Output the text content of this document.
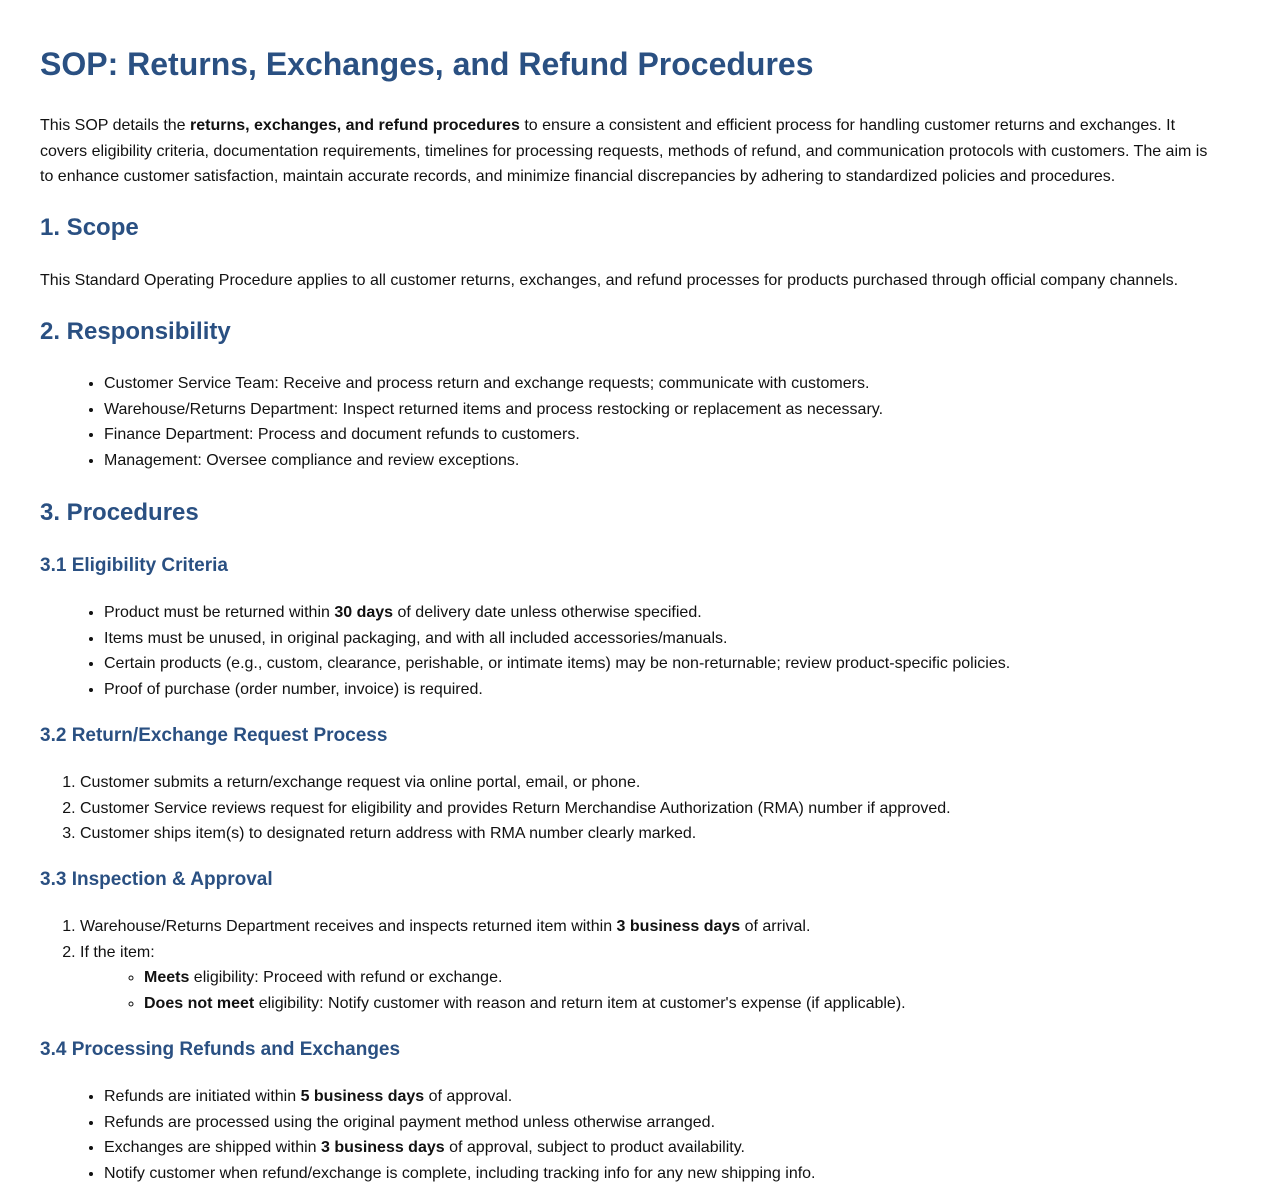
SOP: Returns, Exchanges, and Refund Procedures

This SOP details the returns, exchanges, and refund procedures to ensure a consistent and efficient process for handling customer returns and exchanges. It covers eligibility criteria, documentation requirements, timelines for processing requests, methods of refund, and communication protocols with customers. The aim is to enhance customer satisfaction, maintain accurate records, and minimize financial discrepancies by adhering to standardized policies and procedures.

1. Scope

This Standard Operating Procedure applies to all customer returns, exchanges, and refund processes for products purchased through official company channels.

2. Responsibility
• Customer Service Team: Receive and process return and exchange requests; communicate with customers.
• Warehouse/Returns Department: Inspect returned items and process restocking or replacement as necessary.
• Finance Department: Process and document refunds to customers.
• Management: Oversee compliance and review exceptions.
3. Procedures
3.1 Eligibility Criteria
• Product must be returned within 30 days of delivery date unless otherwise specified.
• Items must be unused, in original packaging, and with all included accessories/manuals.
• Certain products (e.g., custom, clearance, perishable, or intimate items) may be non-returnable; review product-specific policies.
• Proof of purchase (order number, invoice) is required.
3.2 Return/Exchange Request Process
1. Customer submits a return/exchange request via online portal, email, or phone.
2. Customer Service reviews request for eligibility and provides Return Merchandise Authorization (RMA) number if approved.
3. Customer ships item(s) to designated return address with RMA number clearly marked.
3.3 Inspection & Approval
1. Warehouse/Returns Department receives and inspects returned item within 3 business days of arrival.
2. If the item:
◦ Meets eligibility: Proceed with refund or exchange.
◦ Does not meet eligibility: Notify customer with reason and return item at customer's expense (if applicable).
3.4 Processing Refunds and Exchanges
• Refunds are initiated within 5 business days of approval.
• Refunds are processed using the original payment method unless otherwise arranged.
• Exchanges are shipped within 3 business days of approval, subject to product availability.
• Notify customer when refund/exchange is complete, including tracking info for any new shipping info.
